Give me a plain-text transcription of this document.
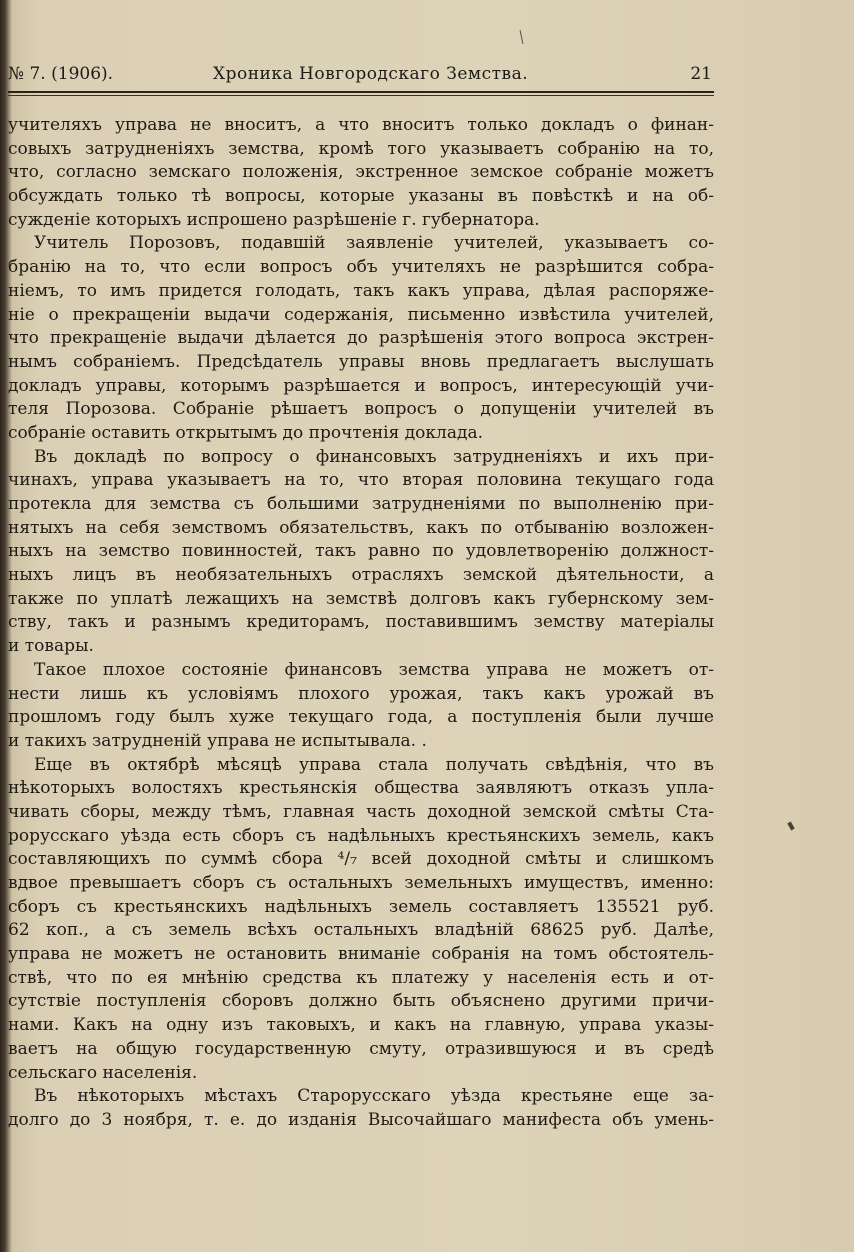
№ 7. (1906).	Хроника Новгородскаго Земства.	21
учителяхъ управа не вноситъ, а что вноситъ только докладъ о финан-
совыхъ затрудненiяхъ земства, кромѣ того указываетъ собранiю на то,
что, согласно земскаго положенiя, экстренное земское собранiе можетъ
обсуждать только тѣ вопросы, которые указаны въ повѣсткѣ и на об-
сужденiе которыхъ испрошено разрѣшенiе г. губернатора.
Учитель Порозовъ, подавшiй заявленiе учителей, указываетъ со-
бранiю на то, что если вопросъ объ учителяхъ не разрѣшится собра-
нiемъ, то имъ придется голодать, такъ какъ управа, дѣлая распоряже-
нiе о прекращенiи выдачи содержанiя, письменно извѣстила учителей,
что прекращенiе выдачи дѣлается до разрѣшенiя этого вопроса экстрен-
нымъ собранiемъ. Предсѣдатель управы вновь предлагаетъ выслушать
докладъ управы, которымъ разрѣшается и вопросъ, интересующiй учи-
теля Порозова. Собранiе рѣшаетъ вопросъ о допущенiи учителей въ
собранiе оставить открытымъ до прочтенiя доклада.
Въ докладѣ по вопросу о финансовыхъ затрудненiяхъ и ихъ при-
чинахъ, управа указываетъ на то, что вторая половина текущаго года
протекла для земства съ большими затрудненiями по выполненiю при-
нятыхъ на себя земствомъ обязательствъ, какъ по отбыванiю возложен-
ныхъ на земство повинностей, такъ равно по удовлетворенiю должност-
ныхъ лицъ въ необязательныхъ отрасляхъ земской дѣятельности, а
также по уплатѣ лежащихъ на земствѣ долговъ какъ губернскому зем-
ству, такъ и разнымъ кредиторамъ, поставившимъ земству матерiалы
и товары.
Такое плохое состоянiе финансовъ земства управа не можетъ от-
нести лишь къ условiямъ плохого урожая, такъ какъ урожай въ
прошломъ году былъ хуже текущаго года, а поступленiя были лучше
и такихъ затрудненiй управа не испытывала. .
Еще въ октябрѣ мѣсяцѣ управа стала получать свѣдѣнiя, что въ
нѣкоторыхъ волостяхъ крестьянскiя общества заявляютъ отказъ упла-
чивать сборы, между тѣмъ, главная часть доходной земской смѣты Ста-
рорусскаго уѣзда есть сборъ съ надѣльныхъ крестьянскихъ земель, какъ
составляющихъ по суммѣ сбора ⁴/₇ всей доходной смѣты и слишкомъ
вдвое превышаетъ сборъ съ остальныхъ земельныхъ имуществъ, именно:
сборъ съ крестьянскихъ надѣльныхъ земель составляетъ 135521 руб.
62 коп., а съ земель всѣхъ остальныхъ владѣнiй 68625 руб. Далѣе,
управа не можетъ не остановить вниманiе собранiя на томъ обстоятель-
ствѣ, что по ея мнѣнiю средства къ платежу у населенiя есть и от-
сутствiе поступленiя сборовъ должно быть объяснено другими причи-
нами. Какъ на одну изъ таковыхъ, и какъ на главную, управа указы-
ваетъ на общую государственную смуту, отразившуюся и въ средѣ
сельскаго населенiя.
Въ нѣкоторыхъ мѣстахъ Старорусскаго уѣзда крестьяне еще за-
долго до 3 ноября, т. е. до изданiя Высочайшаго манифеста объ умень-
